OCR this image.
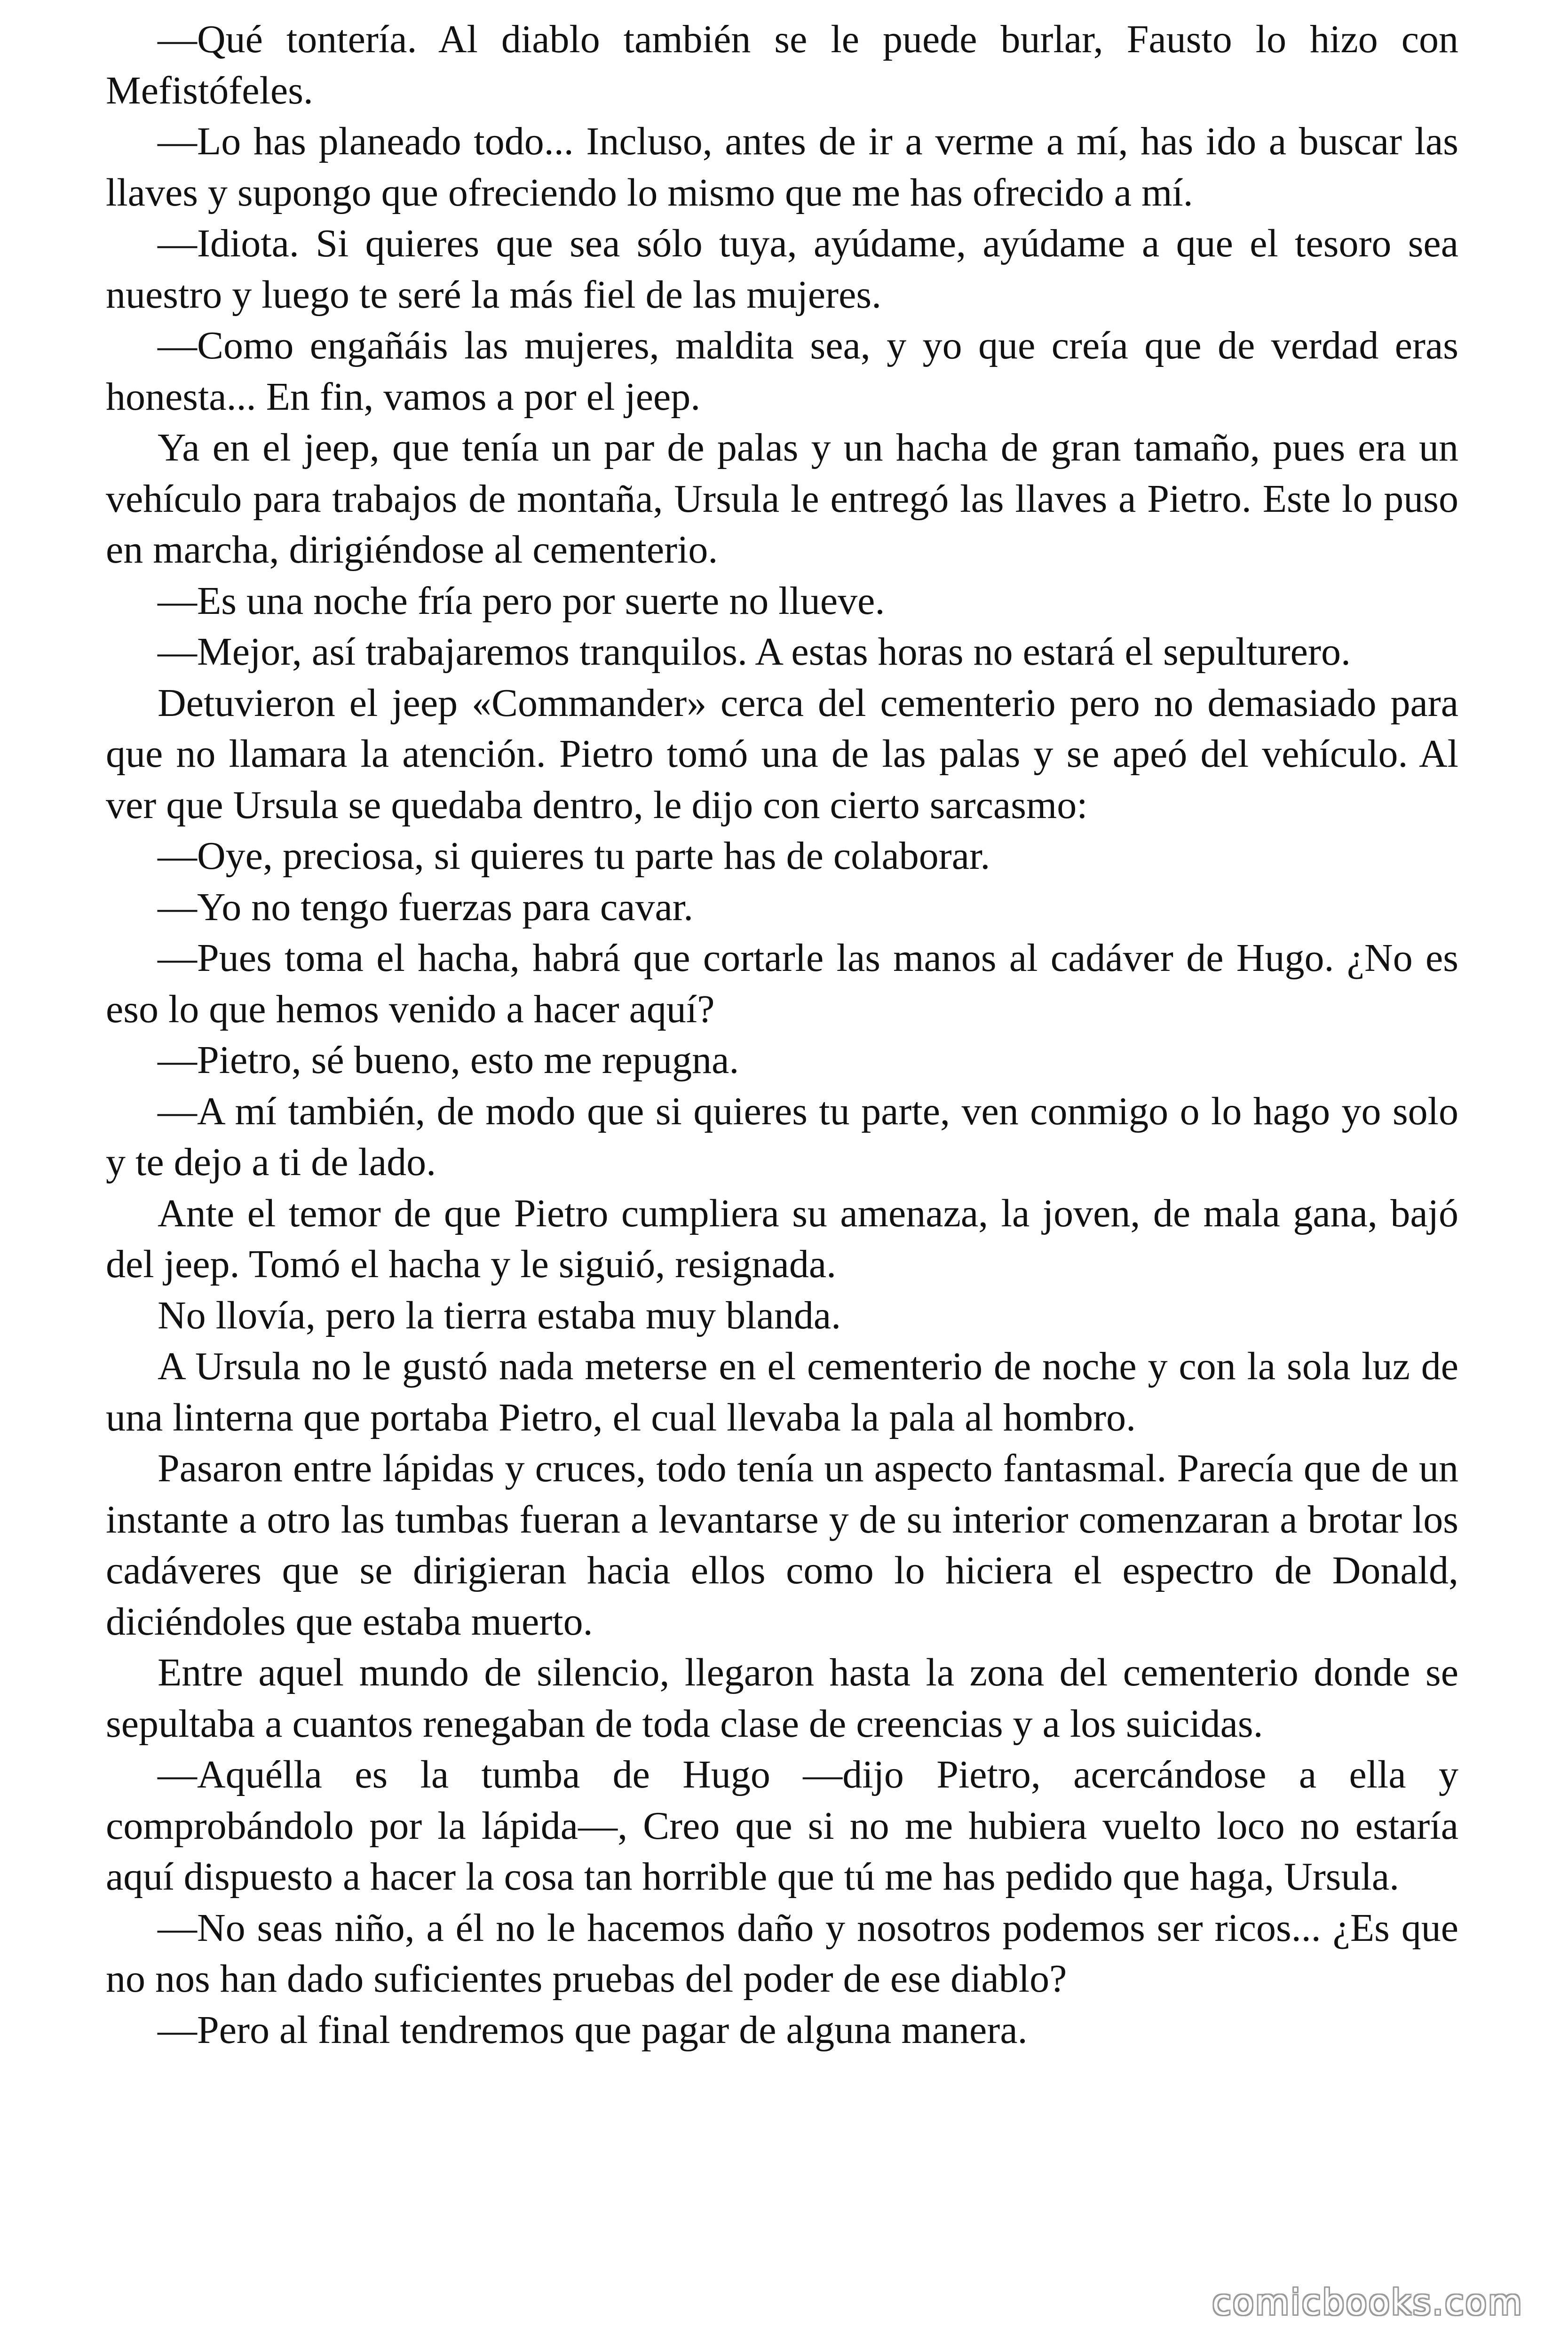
—Qué tontería. Al diablo también se le puede burlar, Fausto lo hizo con Mefistófeles.

—Lo has planeado todo... Incluso, antes de ir a verme a mí, has ido a buscar las llaves y supongo que ofreciendo lo mismo que me has ofrecido a mí.

—Idiota. Si quieres que sea sólo tuya, ayúdame, ayúdame a que el tesoro sea nuestro y luego te seré la más fiel de las mujeres.

—Como engañáis las mujeres, maldita sea, y yo que creía que de verdad eras honesta... En fin, vamos a por el jeep.

Ya en el jeep, que tenía un par de palas y un hacha de gran tamaño, pues era un vehículo para trabajos de montaña, Ursula le entregó las llaves a Pietro. Este lo puso en marcha, dirigiéndose al cementerio.

—Es una noche fría pero por suerte no llueve.

—Mejor, así trabajaremos tranquilos. A estas horas no estará el sepulturero.

Detuvieron el jeep «Commander» cerca del cementerio pero no demasiado para que no llamara la atención. Pietro tomó una de las palas y se apeó del vehículo. Al ver que Ursula se quedaba dentro, le dijo con cierto sarcasmo:

—Oye, preciosa, si quieres tu parte has de colaborar.

—Yo no tengo fuerzas para cavar.

—Pues toma el hacha, habrá que cortarle las manos al cadáver de Hugo. ¿No es eso lo que hemos venido a hacer aquí?

—Pietro, sé bueno, esto me repugna.

—A mí también, de modo que si quieres tu parte, ven conmigo o lo hago yo solo y te dejo a ti de lado.

Ante el temor de que Pietro cumpliera su amenaza, la joven, de mala gana, bajó del jeep. Tomó el hacha y le siguió, resignada.

No llovía, pero la tierra estaba muy blanda.

A Ursula no le gustó nada meterse en el cementerio de noche y con la sola luz de una linterna que portaba Pietro, el cual llevaba la pala al hombro.

Pasaron entre lápidas y cruces, todo tenía un aspecto fantasmal. Parecía que de un instante a otro las tumbas fueran a levantarse y de su interior comenzaran a brotar los cadáveres que se dirigieran hacia ellos como lo hiciera el espectro de Donald, diciéndoles que estaba muerto.

Entre aquel mundo de silencio, llegaron hasta la zona del cementerio donde se sepultaba a cuantos renegaban de toda clase de creencias y a los suicidas.

—Aquélla es la tumba de Hugo —dijo Pietro, acercándose a ella y comprobándolo por la lápida—, Creo que si no me hubiera vuelto loco no estaría aquí dispuesto a hacer la cosa tan horrible que tú me has pedido que haga, Ursula.

—No seas niño, a él no le hacemos daño y nosotros podemos ser ricos... ¿Es que no nos han dado suficientes pruebas del poder de ese diablo?

—Pero al final tendremos que pagar de alguna manera.

comicbooks.com
